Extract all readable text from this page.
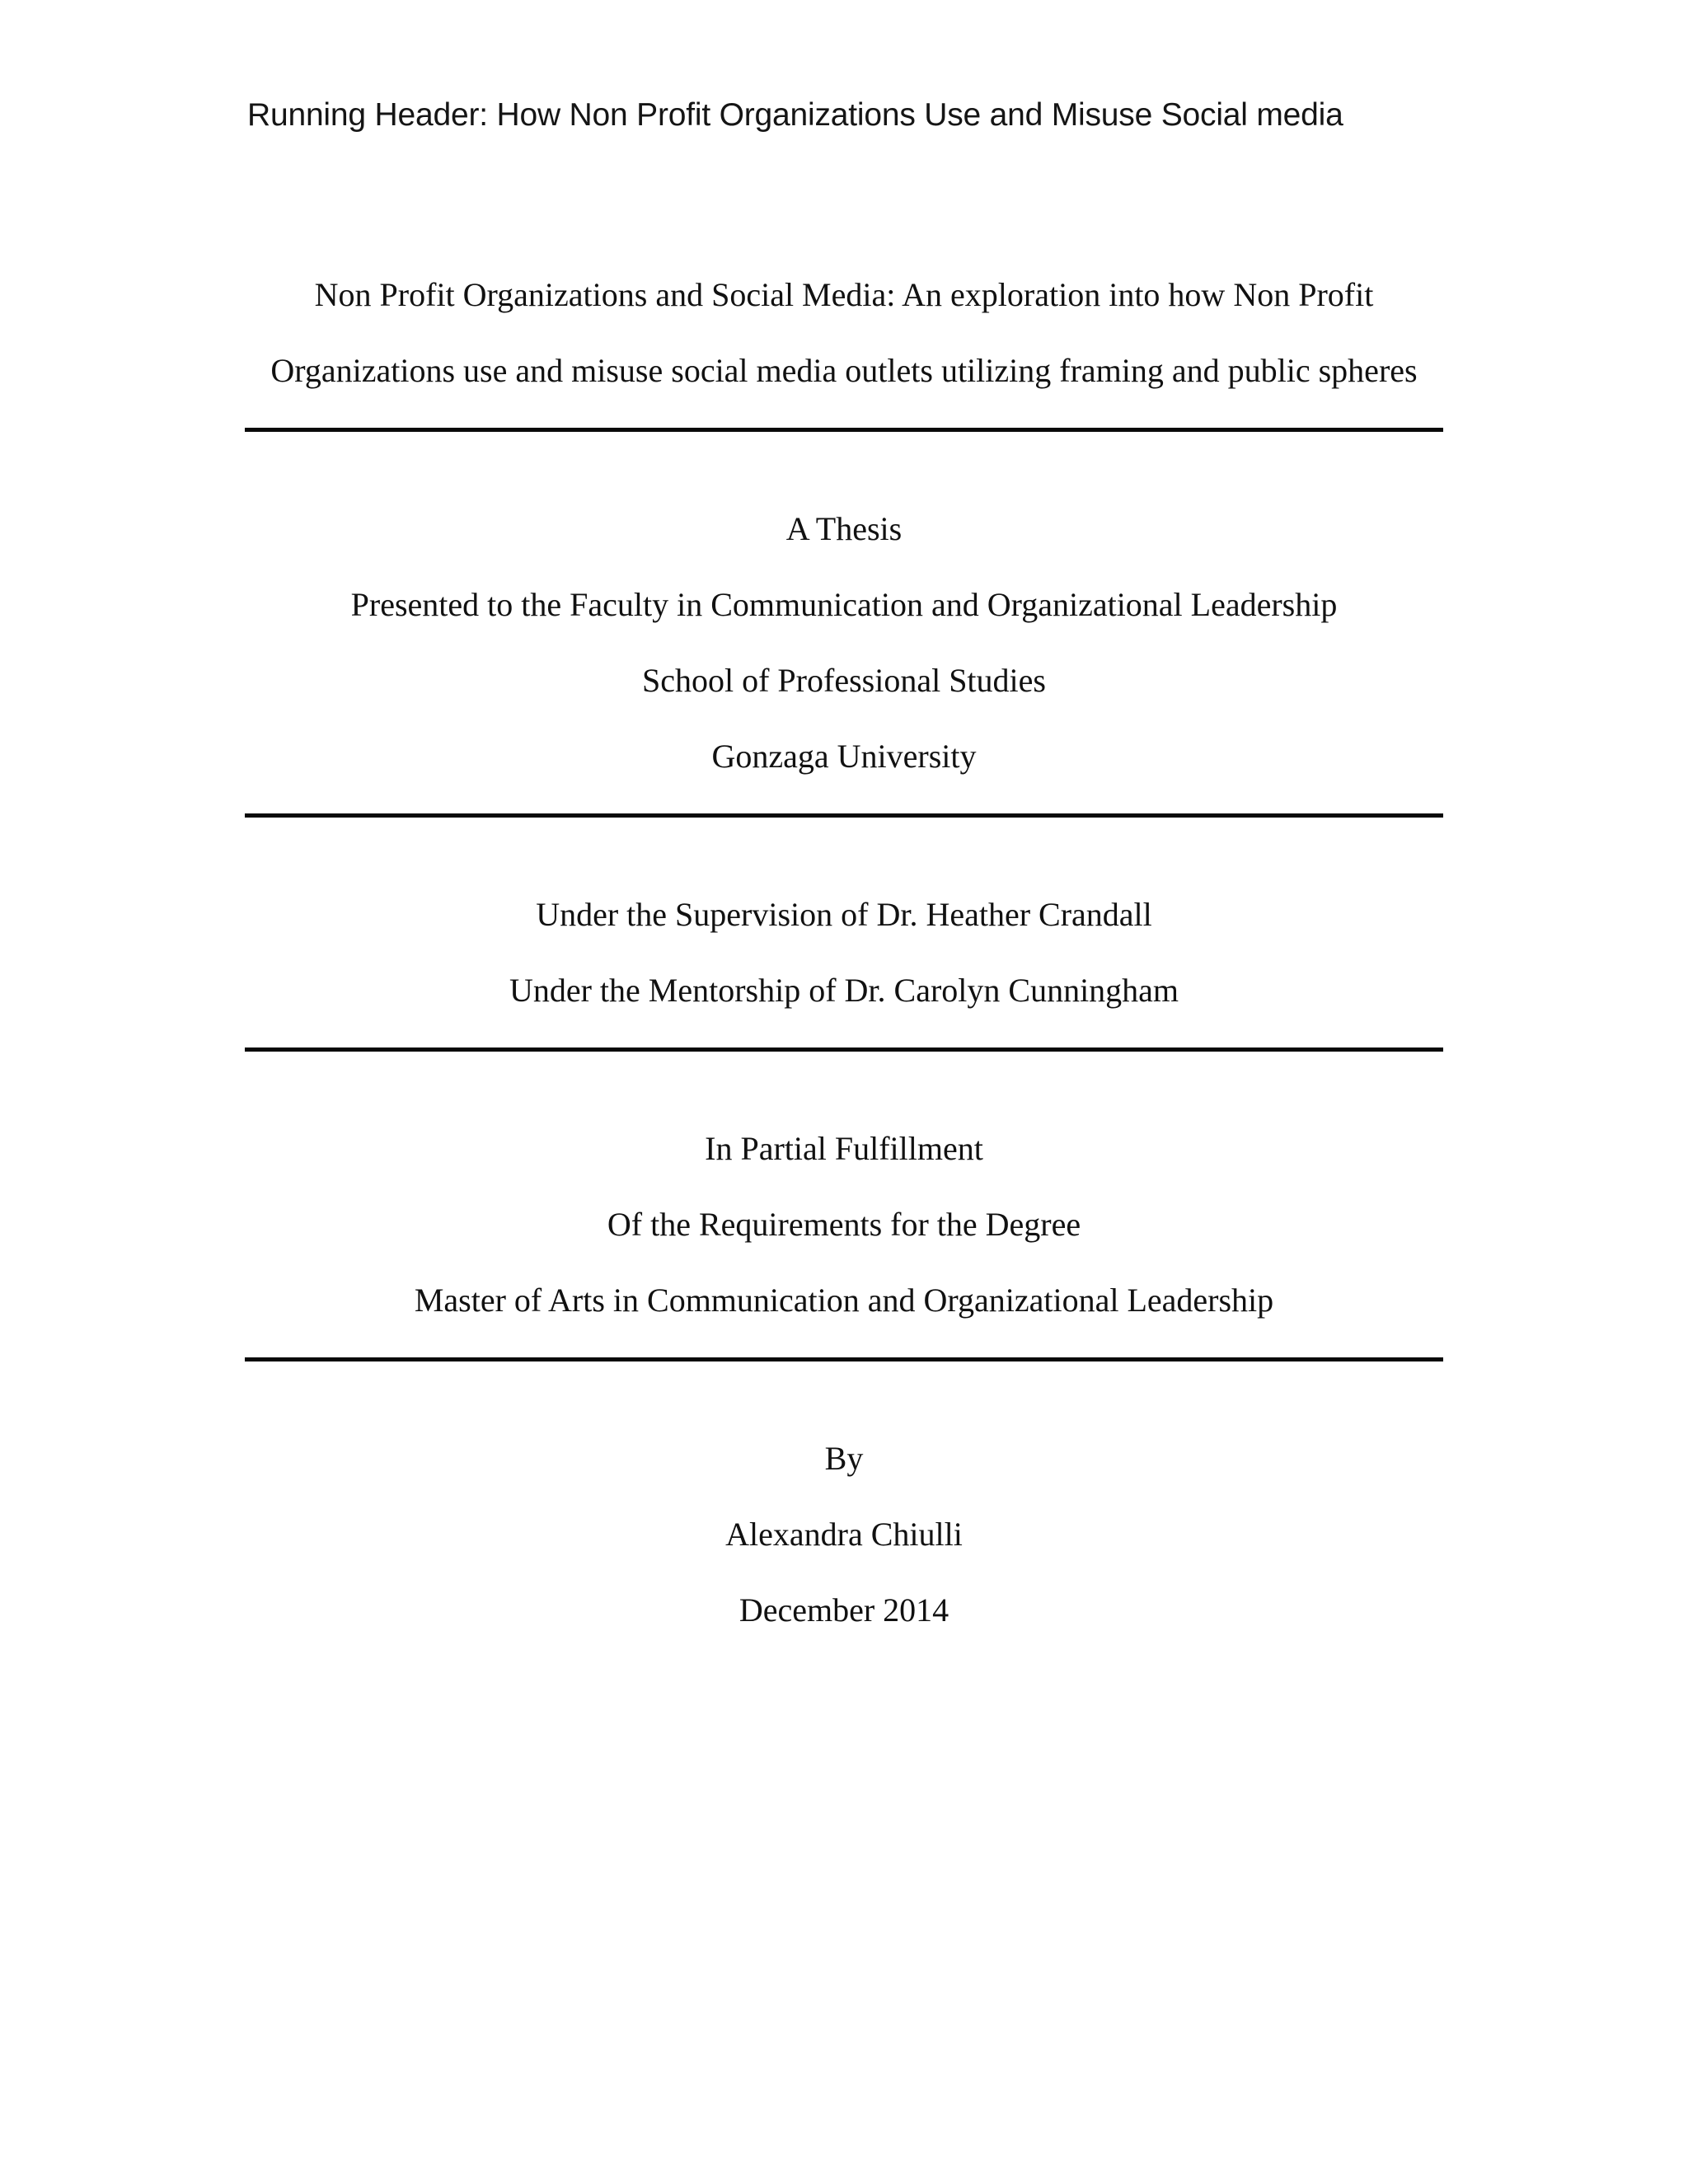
Running Header: How Non Profit Organizations Use and Misuse Social media
Non Profit Organizations and Social Media: An exploration into how Non Profit
Organizations use and misuse social media outlets utilizing framing and public spheres
A Thesis
Presented to the Faculty in Communication and Organizational Leadership
School of Professional Studies
Gonzaga University
Under the Supervision of Dr. Heather Crandall
Under the Mentorship of Dr. Carolyn Cunningham
In Partial Fulfillment
Of the Requirements for the Degree
Master of Arts in Communication and Organizational Leadership
By
Alexandra Chiulli
December 2014
